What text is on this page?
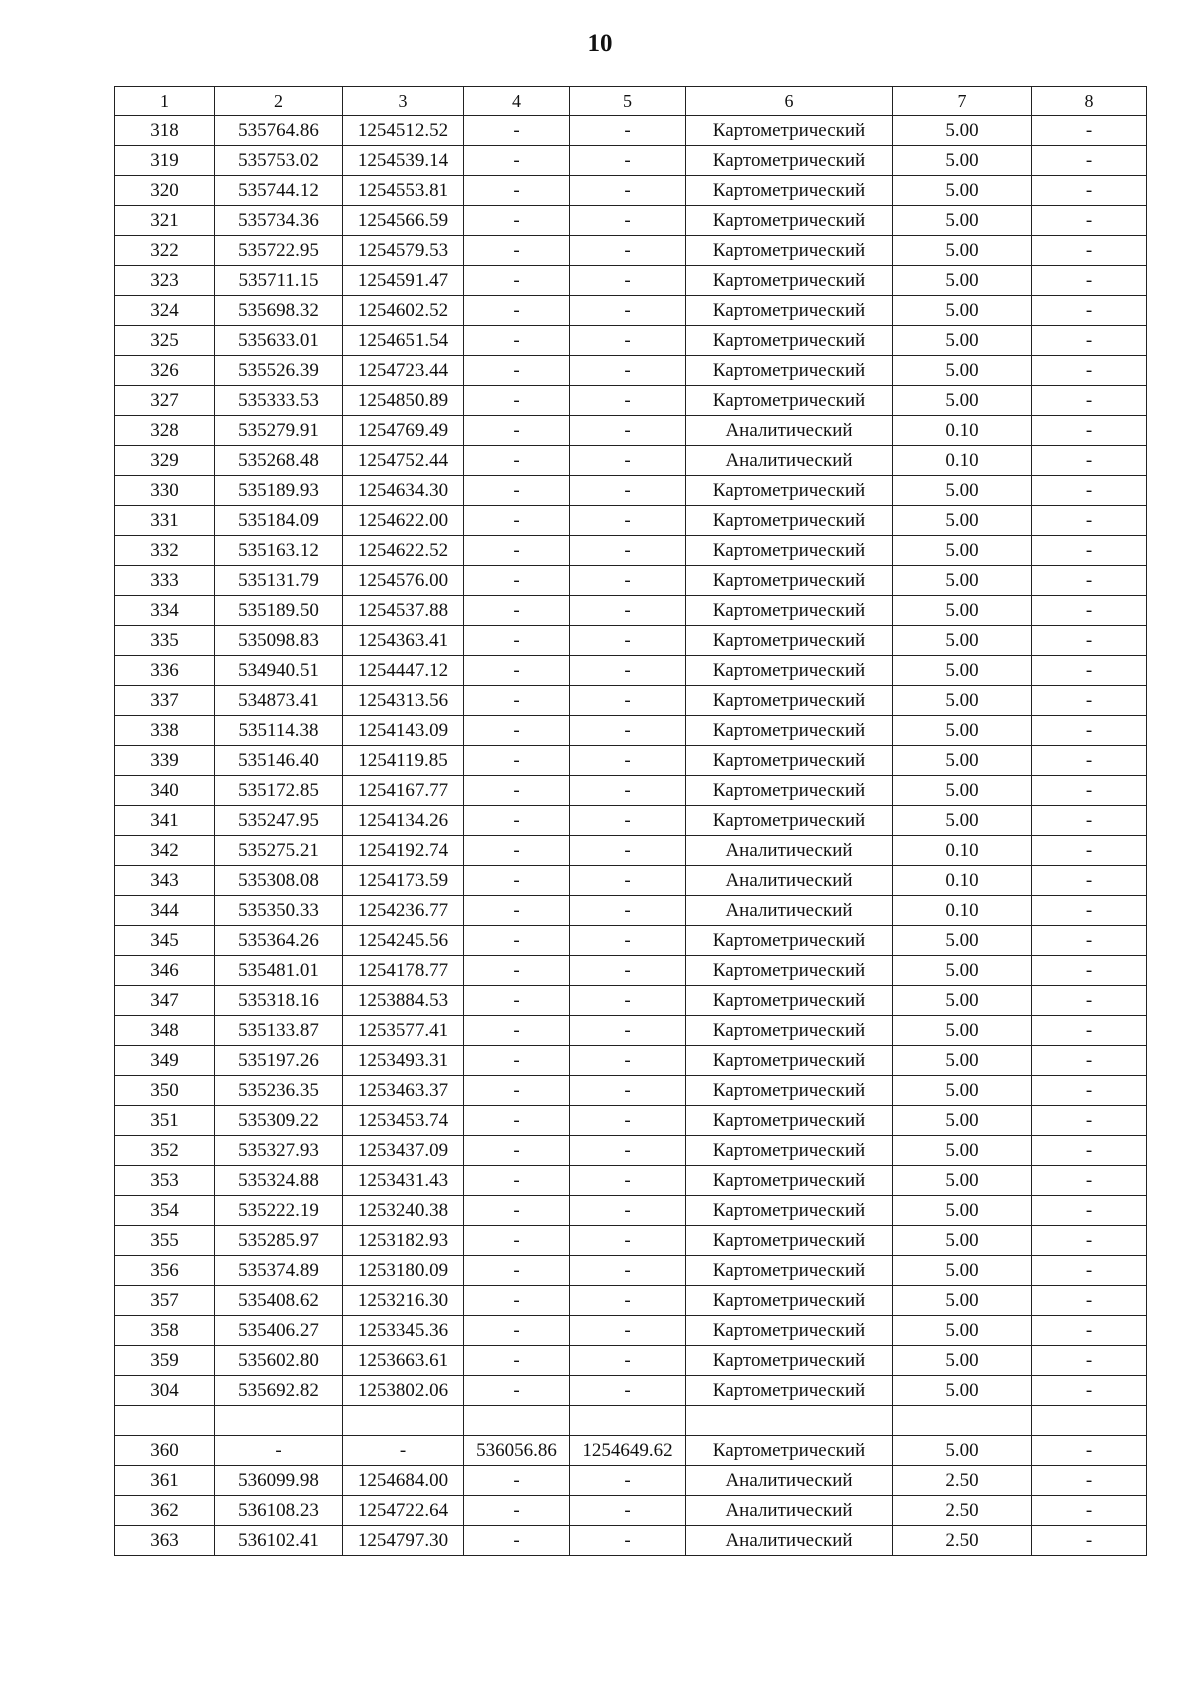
10
1	2	3	4	5	6	7	8
318	535764.86	1254512.52	-	-	Картометрический	5.00	-
319	535753.02	1254539.14	-	-	Картометрический	5.00	-
320	535744.12	1254553.81	-	-	Картометрический	5.00	-
321	535734.36	1254566.59	-	-	Картометрический	5.00	-
322	535722.95	1254579.53	-	-	Картометрический	5.00	-
323	535711.15	1254591.47	-	-	Картометрический	5.00	-
324	535698.32	1254602.52	-	-	Картометрический	5.00	-
325	535633.01	1254651.54	-	-	Картометрический	5.00	-
326	535526.39	1254723.44	-	-	Картометрический	5.00	-
327	535333.53	1254850.89	-	-	Картометрический	5.00	-
328	535279.91	1254769.49	-	-	Аналитический	0.10	-
329	535268.48	1254752.44	-	-	Аналитический	0.10	-
330	535189.93	1254634.30	-	-	Картометрический	5.00	-
331	535184.09	1254622.00	-	-	Картометрический	5.00	-
332	535163.12	1254622.52	-	-	Картометрический	5.00	-
333	535131.79	1254576.00	-	-	Картометрический	5.00	-
334	535189.50	1254537.88	-	-	Картометрический	5.00	-
335	535098.83	1254363.41	-	-	Картометрический	5.00	-
336	534940.51	1254447.12	-	-	Картометрический	5.00	-
337	534873.41	1254313.56	-	-	Картометрический	5.00	-
338	535114.38	1254143.09	-	-	Картометрический	5.00	-
339	535146.40	1254119.85	-	-	Картометрический	5.00	-
340	535172.85	1254167.77	-	-	Картометрический	5.00	-
341	535247.95	1254134.26	-	-	Картометрический	5.00	-
342	535275.21	1254192.74	-	-	Аналитический	0.10	-
343	535308.08	1254173.59	-	-	Аналитический	0.10	-
344	535350.33	1254236.77	-	-	Аналитический	0.10	-
345	535364.26	1254245.56	-	-	Картометрический	5.00	-
346	535481.01	1254178.77	-	-	Картометрический	5.00	-
347	535318.16	1253884.53	-	-	Картометрический	5.00	-
348	535133.87	1253577.41	-	-	Картометрический	5.00	-
349	535197.26	1253493.31	-	-	Картометрический	5.00	-
350	535236.35	1253463.37	-	-	Картометрический	5.00	-
351	535309.22	1253453.74	-	-	Картометрический	5.00	-
352	535327.93	1253437.09	-	-	Картометрический	5.00	-
353	535324.88	1253431.43	-	-	Картометрический	5.00	-
354	535222.19	1253240.38	-	-	Картометрический	5.00	-
355	535285.97	1253182.93	-	-	Картометрический	5.00	-
356	535374.89	1253180.09	-	-	Картометрический	5.00	-
357	535408.62	1253216.30	-	-	Картометрический	5.00	-
358	535406.27	1253345.36	-	-	Картометрический	5.00	-
359	535602.80	1253663.61	-	-	Картометрический	5.00	-
304	535692.82	1253802.06	-	-	Картометрический	5.00	-

360	-	-	536056.86	1254649.62	Картометрический	5.00	-
361	536099.98	1254684.00	-	-	Аналитический	2.50	-
362	536108.23	1254722.64	-	-	Аналитический	2.50	-
363	536102.41	1254797.30	-	-	Аналитический	2.50	-
